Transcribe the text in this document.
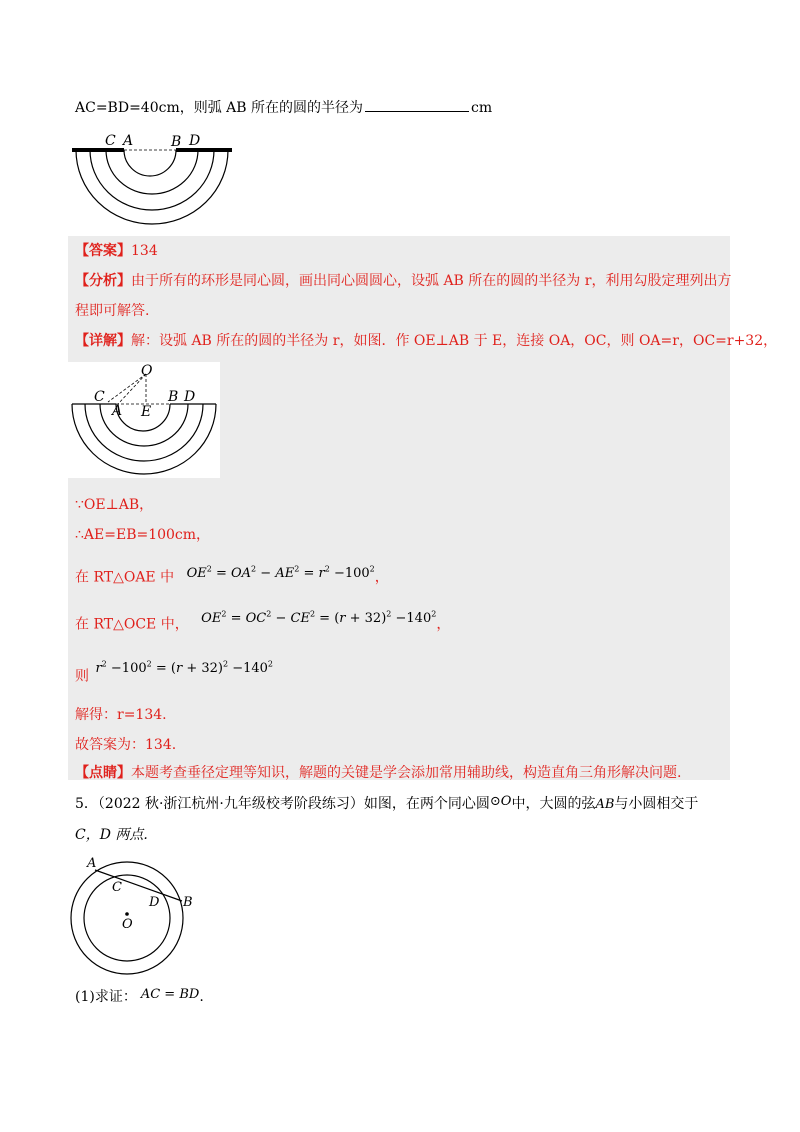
AC=BD=40cm，则弧 AB 所在的圆的半径为	cm
C A	B D
【答案】134
【分析】由于所有的环形是同心圆，画出同心圆圆心，设弧 AB 所在的圆的半径为 r，利用勾股定理列出方
程即可解答.
【详解】解：设弧 AB 所在的圆的半径为 r，如图．作 OE⊥AB 于 E，连接 OA，OC，则 OA=r，OC=r+32，
O
C
A E
B D
∵OE⊥AB，
∴AE=EB=100cm，
在 RT△OAE 中 $OE^2 = OA^2 - AE^2 = r^2 -100^2$，
在 RT△OCE 中， $OE^2 = OC^2 - CE^2 = (r + 32)^2 -140^2$，
则 $r^2 -100^2 = (r + 32)^2 -140^2$
解得：r=134.
故答案为：134.
【点睛】本题考查垂径定理等知识，解题的关键是学会添加常用辅助线，构造直角三角形解决问题.
5．（2022 秋·浙江杭州·九年级校考阶段练习）如图，在两个同心圆⊙O中，大圆的弦AB与小圆相交于
C，D 两点.
A
C
D B
O
(1)求证： AC = BD.
